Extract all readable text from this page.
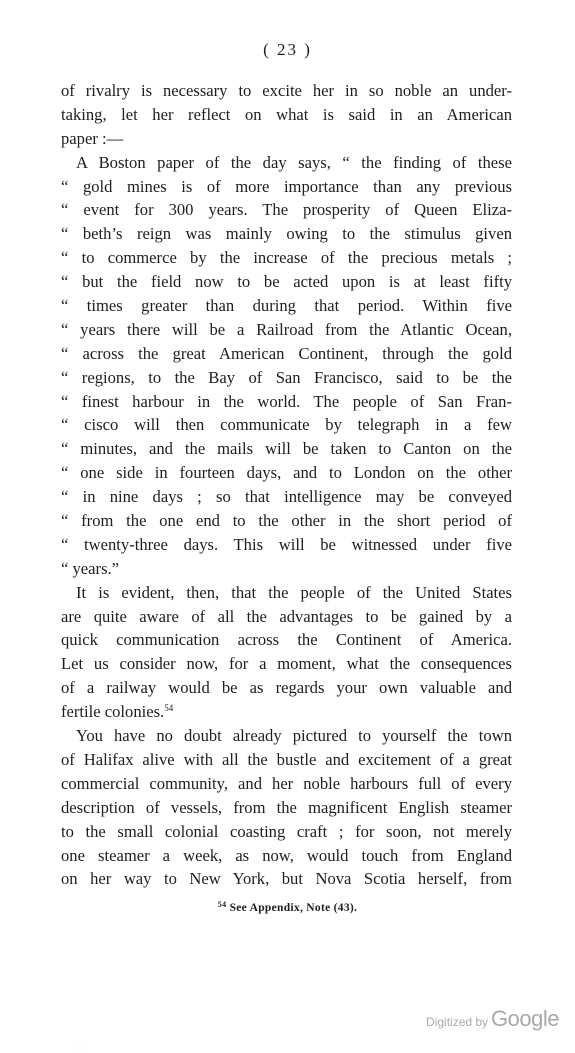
( 23 )
of rivalry is necessary to excite her in so noble an under-
taking, let her reflect on what is said in an American
paper :—
A Boston paper of the day says, “ the finding of these
“ gold mines is of more importance than any previous
“ event for 300 years. The prosperity of Queen Eliza-
“ beth’s reign was mainly owing to the stimulus given
“ to commerce by the increase of the precious metals ;
“ but the field now to be acted upon is at least fifty
“ times greater than during that period. Within five
“ years there will be a Railroad from the Atlantic Ocean,
“ across the great American Continent, through the gold
“ regions, to the Bay of San Francisco, said to be the
“ finest harbour in the world. The people of San Fran-
“ cisco will then communicate by telegraph in a few
“ minutes, and the mails will be taken to Canton on the
“ one side in fourteen days, and to London on the other
“ in nine days ; so that intelligence may be conveyed
“ from the one end to the other in the short period of
“ twenty-three days. This will be witnessed under five
“ years.”
It is evident, then, that the people of the United States
are quite aware of all the advantages to be gained by a
quick communication across the Continent of America.
Let us consider now, for a moment, what the consequences
of a railway would be as regards your own valuable and
fertile colonies.$^{54}$
You have no doubt already pictured to yourself the town
of Halifax alive with all the bustle and excitement of a great
commercial community, and her noble harbours full of every
description of vessels, from the magnificent English steamer
to the small colonial coasting craft ; for soon, not merely
one steamer a week, as now, would touch from England
on her way to New York, but Nova Scotia herself, from
$^{54}$ See Appendix, Note (43).
Digitized by Google
· ·
